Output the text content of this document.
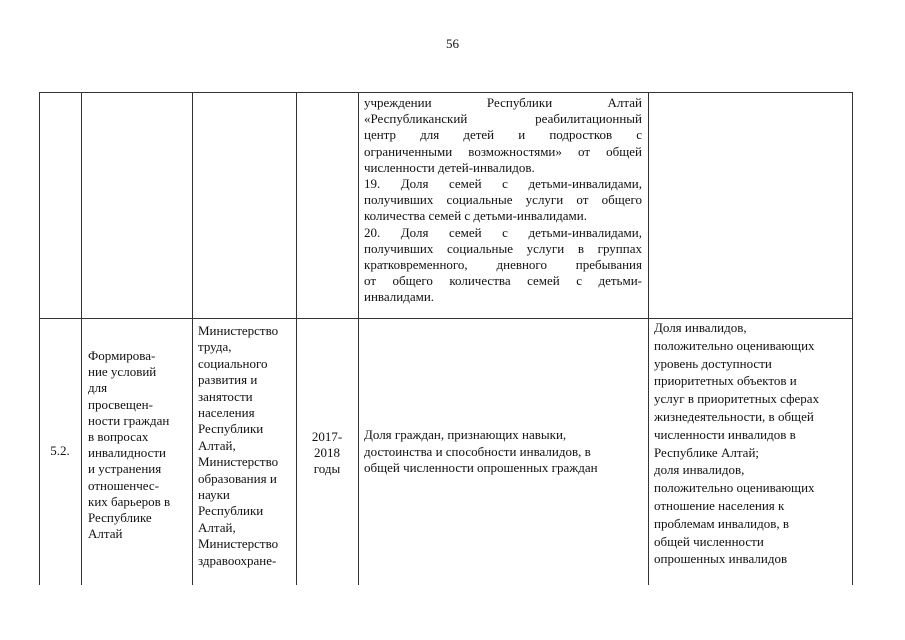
56
учреждении Республики Алтай
«Республиканский реабилитационный
центр для детей и подростков с
ограниченными возможностями» от общей
численности детей-инвалидов.
19. Доля семей с детьми-инвалидами,
получивших социальные услуги от общего
количества семей с детьми-инвалидами.
20. Доля семей с детьми-инвалидами,
получивших социальные услуги в группах
кратковременного, дневного пребывания
от общего количества семей с детьми-
инвалидами.
5.2.
Формирова-
ние условий
для
просвещен-
ности граждан
в вопросах
инвалидности
и устранения
отношенчес-
ких барьеров в
Республике
Алтай
Министерство
труда,
социального
развития и
занятости
населения
Республики
Алтай,
Министерство
образования и
науки
Республики
Алтай,
Министерство
здравоохране-
2017-
2018
годы
Доля граждан, признающих навыки,
достоинства и способности инвалидов, в
общей численности опрошенных граждан
Доля инвалидов,
положительно оценивающих
уровень доступности
приоритетных объектов и
услуг в приоритетных сферах
жизнедеятельности, в общей
численности инвалидов в
Республике Алтай;
доля инвалидов,
положительно оценивающих
отношение населения к
проблемам инвалидов, в
общей численности
опрошенных инвалидов
